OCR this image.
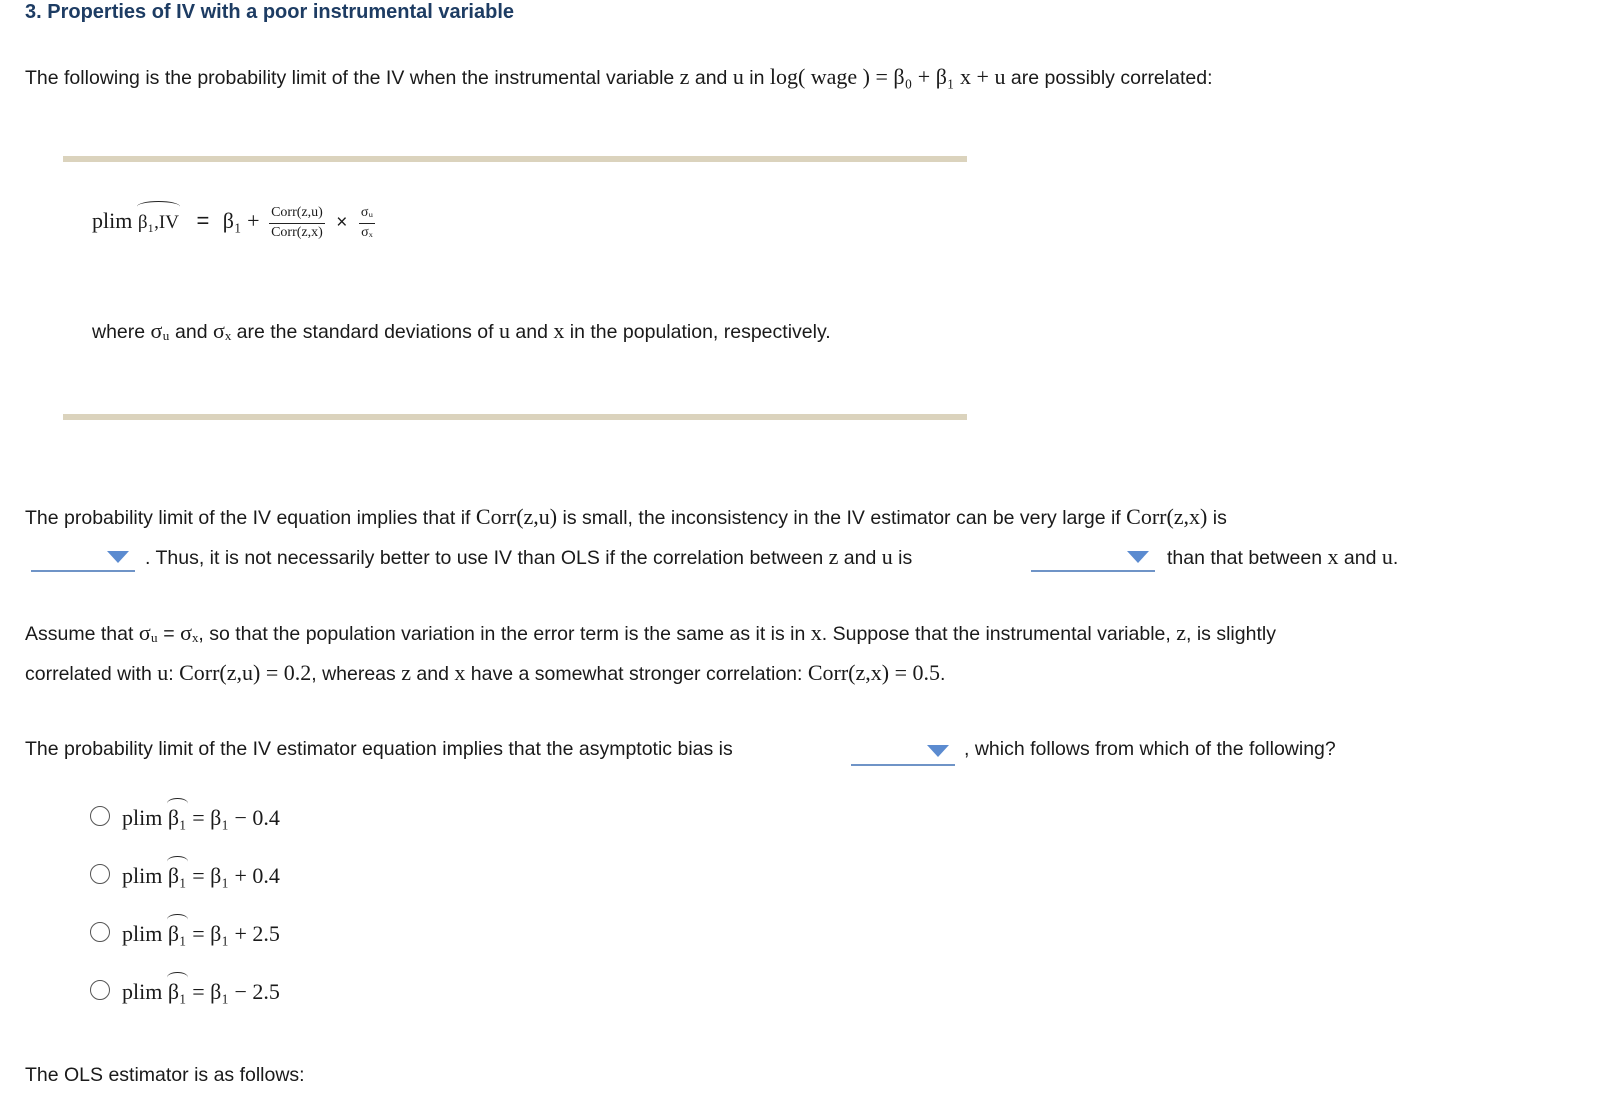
3. Properties of IV with a poor instrumental variable
The following is the probability limit of the IV when the instrumental variable z and u in log( wage ) = β₀ + β₁ x + u are possibly correlated:
plim $\beta_1,IV = \beta_1 + \frac{\text{Corr(z,u)}}{\text{Corr(z,x)}} \times \frac{\text{σᵤ}}{\text{σₓ}}$
where σᵤ and σₓ are the standard deviations of u and x in the population, respectively.
The probability limit of the IV equation implies that if Corr(z,u) is small, the inconsistency in the IV estimator can be very large if Corr(z,x) is
. Thus, it is not necessarily better to use IV than OLS if the correlation between z and u is	than that between x and u.
Assume that σᵤ = σₓ, so that the population variation in the error term is the same as it is in x. Suppose that the instrumental variable, z, is slightly
correlated with u: Corr(z,u) = 0.2, whereas z and x have a somewhat stronger correlation: Corr(z,x) = 0.5.
The probability limit of the IV estimator equation implies that the asymptotic bias is	, which follows from which of the following?
plim β₁ = β₁ − 0.4
plim β₁ = β₁ + 0.4
plim β₁ = β₁ + 2.5
plim β₁ = β₁ − 2.5
The OLS estimator is as follows:
